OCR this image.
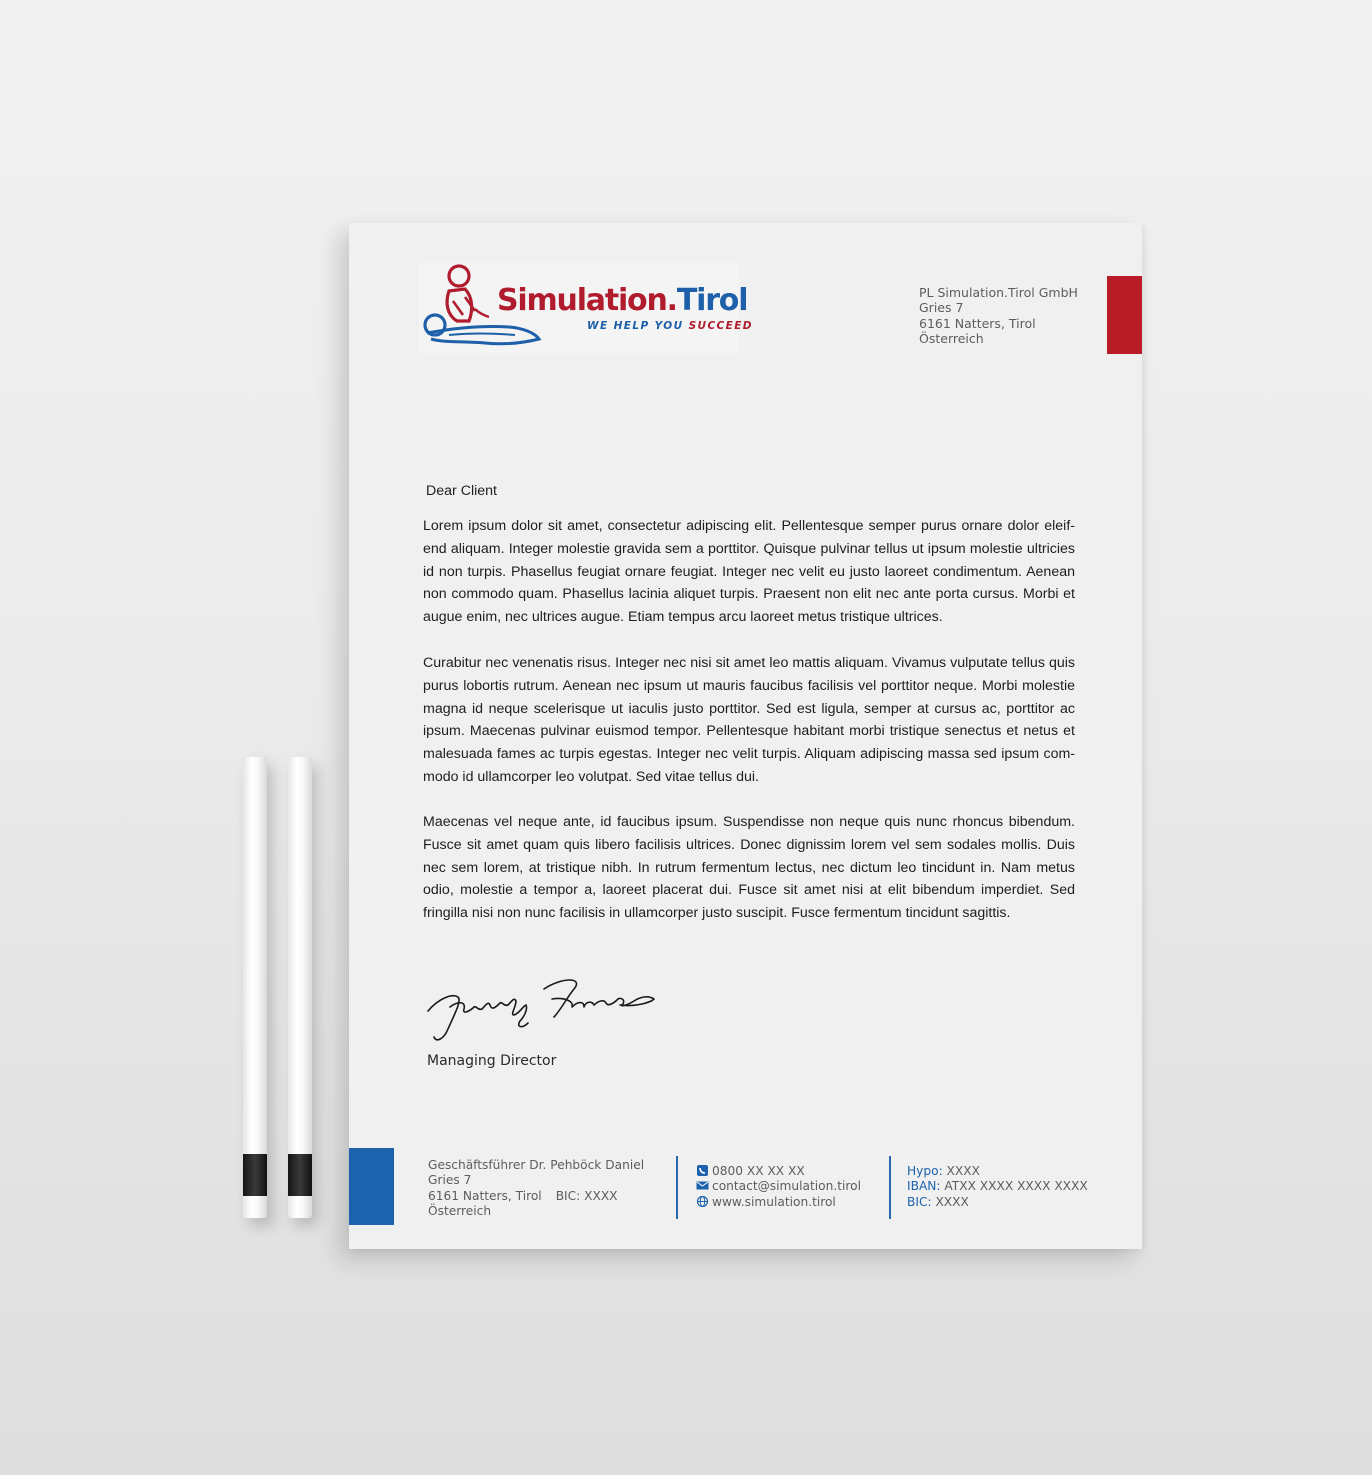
Simulation.Tirol
WE HELP YOU SUCCEED
PL Simulation.Tirol GmbH
Gries 7
6161 Natters, Tirol
Österreich
Dear Client

Lorem ipsum dolor sit amet, consectetur adipiscing elit. Pellentesque semper purus ornare dolor eleif-end aliquam. Integer molestie gravida sem a porttitor. Quisque pulvinar tellus ut ipsum molestie ultricies id non turpis. Phasellus feugiat ornare feugiat. Integer nec velit eu justo laoreet condimentum. Aenean non commodo quam. Phasellus lacinia aliquet turpis. Praesent non elit nec ante porta cursus. Morbi et augue enim, nec ultrices augue. Etiam tempus arcu laoreet metus tristique ultrices.

Curabitur nec venenatis risus. Integer nec nisi sit amet leo mattis aliquam. Vivamus vulputate tellus quis purus lobortis rutrum. Aenean nec ipsum ut mauris faucibus facilisis vel porttitor neque. Morbi molestie magna id neque scelerisque ut iaculis justo porttitor. Sed est ligula, semper at cursus ac, porttitor ac ipsum. Maecenas pulvinar euismod tempor. Pellentesque habitant morbi tristique senectus et netus et malesuada fames ac turpis egestas. Integer nec velit turpis. Aliquam adipiscing massa sed ipsum com-modo id ullamcorper leo volutpat. Sed vitae tellus dui.

Maecenas vel neque ante, id faucibus ipsum. Suspendisse non neque quis nunc rhoncus bibendum. Fusce sit amet quam quis libero facilisis ultrices. Donec dignissim lorem vel sem sodales mollis. Duis nec sem lorem, at tristique nibh. In rutrum fermentum lectus, nec dictum leo tincidunt in. Nam metus odio, molestie a tempor a, laoreet placerat dui. Fusce sit amet nisi at elit bibendum imperdiet. Sed fringilla nisi non nunc facilisis in ullamcorper justo suscipit. Fusce fermentum tincidunt sagittis.

Managing Director
Geschäftsführer Dr. Pehböck Daniel
Gries 7
6161 Natters, Tirol BIC: XXXX
Österreich
0800 XX XX XX
contact@simulation.tirol
www.simulation.tirol
Hypo: XXXX
IBAN: ATXX XXXX XXXX XXXX
BIC: XXXX
